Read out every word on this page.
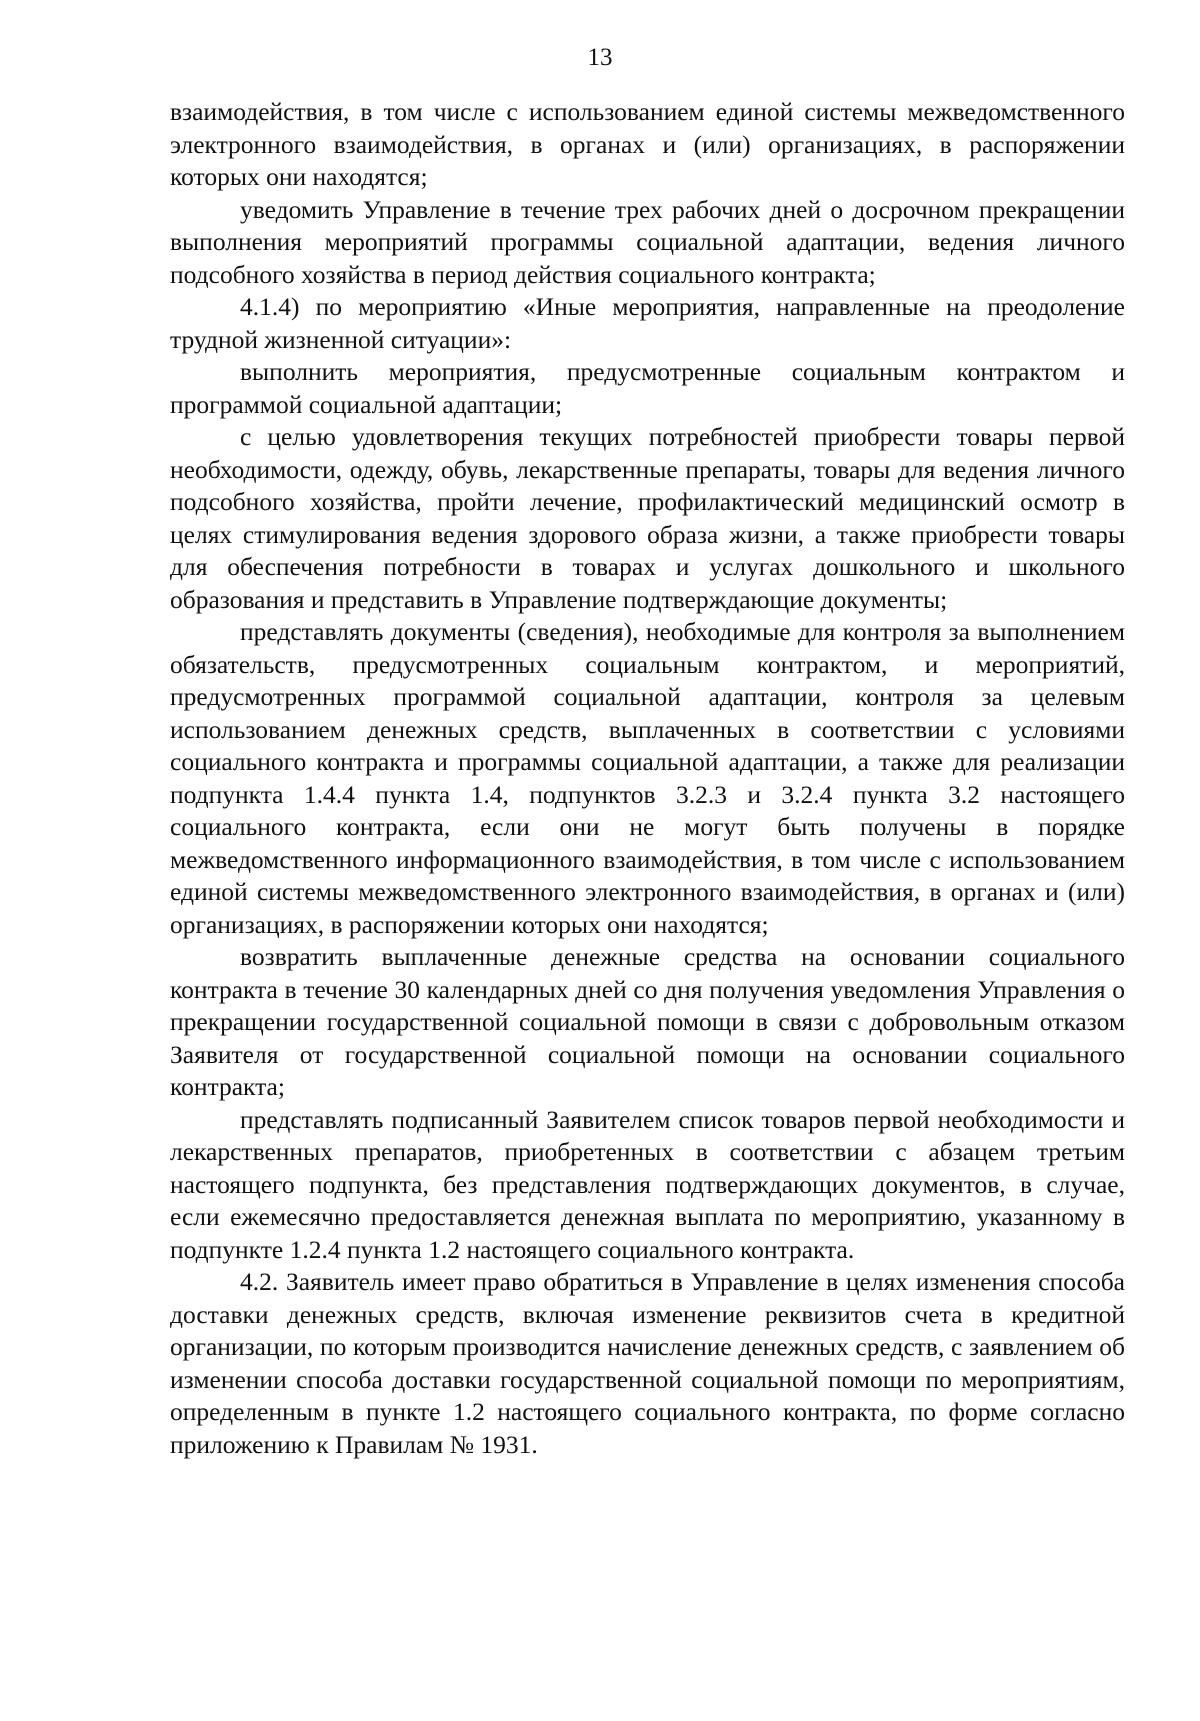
13

взаимодействия, в том числе с использованием единой системы межведомственного электронного взаимодействия, в органах и (или) организациях, в распоряжении которых они находятся;

уведомить Управление в течение трех рабочих дней о досрочном прекращении выполнения мероприятий программы социальной адаптации, ведения личного подсобного хозяйства в период действия социального контракта;

4.1.4) по мероприятию «Иные мероприятия, направленные на преодоление трудной жизненной ситуации»:

выполнить мероприятия, предусмотренные социальным контрактом и программой социальной адаптации;

с целью удовлетворения текущих потребностей приобрести товары первой необходимости, одежду, обувь, лекарственные препараты, товары для ведения личного подсобного хозяйства, пройти лечение, профилактический медицинский осмотр в целях стимулирования ведения здорового образа жизни, а также приобрести товары для обеспечения потребности в товарах и услугах дошкольного и школьного образования и представить в Управление подтверждающие документы;

представлять документы (сведения), необходимые для контроля за выполнением обязательств, предусмотренных социальным контрактом, и мероприятий, предусмотренных программой социальной адаптации, контроля за целевым использованием денежных средств, выплаченных в соответствии с условиями социального контракта и программы социальной адаптации, а также для реализации подпункта 1.4.4 пункта 1.4, подпунктов 3.2.3 и 3.2.4 пункта 3.2 настоящего социального контракта, если они не могут быть получены в порядке межведомственного информационного взаимодействия, в том числе с использованием единой системы межведомственного электронного взаимодействия, в органах и (или) организациях, в распоряжении которых они находятся;

возвратить выплаченные денежные средства на основании социального контракта в течение 30 календарных дней со дня получения уведомления Управления о прекращении государственной социальной помощи в связи с добровольным отказом Заявителя от государственной социальной помощи на основании социального контракта;

представлять подписанный Заявителем список товаров первой необходимости и лекарственных препаратов, приобретенных в соответствии с абзацем третьим настоящего подпункта, без представления подтверждающих документов, в случае, если ежемесячно предоставляется денежная выплата по мероприятию, указанному в подпункте 1.2.4 пункта 1.2 настоящего социального контракта.

4.2. Заявитель имеет право обратиться в Управление в целях изменения способа доставки денежных средств, включая изменение реквизитов счета в кредитной организации, по которым производится начисление денежных средств, с заявлением об изменении способа доставки государственной социальной помощи по мероприятиям, определенным в пункте 1.2 настоящего социального контракта, по форме согласно приложению к Правилам № 1931.
